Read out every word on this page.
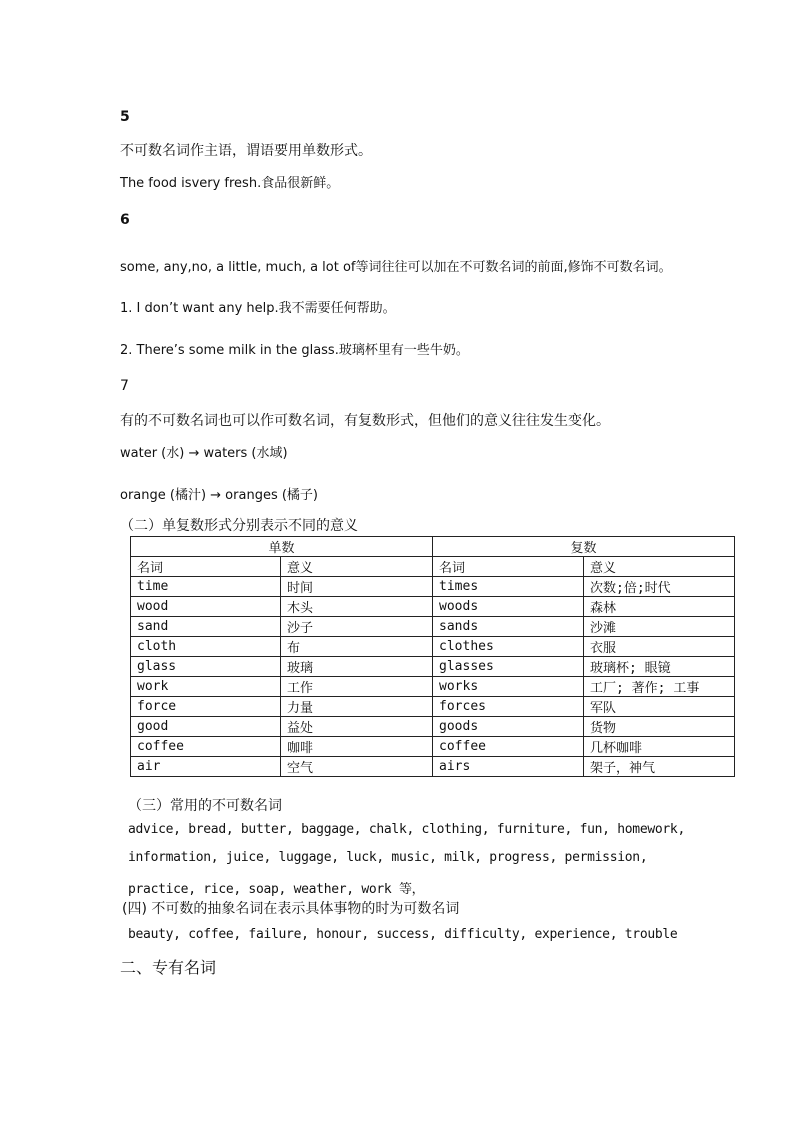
5
不可数名词作主语，谓语要用单数形式。
The food isvery fresh.食品很新鲜。
6
some, any,no, a little, much, a lot of等词往往可以加在不可数名词的前面,修饰不可数名词。
1. I don’t want any help.我不需要任何帮助。
2. There’s some milk in the glass.玻璃杯里有一些牛奶。
7
有的不可数名词也可以作可数名词，有复数形式，但他们的意义往往发生变化。
water (水) → waters (水域)
orange (橘汁) → oranges (橘子)
（二）单复数形式分别表示不同的意义
单数		复数	
名词	意义	名词	意义
time	时间	times	次数;倍;时代
wood	木头	woods	森林
sand	沙子	sands	沙滩
cloth	布	clothes	衣服
glass	玻璃	glasses	玻璃杯; 眼镜
work	工作	works	工厂; 著作; 工事
force	力量	forces	军队
good	益处	goods	货物
coffee	咖啡	coffee	几杯咖啡
air	空气	airs	架子，神气
（三）常用的不可数名词
advice, bread, butter, baggage, chalk, clothing, furniture, fun, homework,
information, juice, luggage, luck, music, milk, progress, permission,
practice, rice, soap, weather, work 等，
(四) 不可数的抽象名词在表示具体事物的时为可数名词
beauty, coffee, failure, honour, success, difficulty, experience, trouble
二、专有名词
